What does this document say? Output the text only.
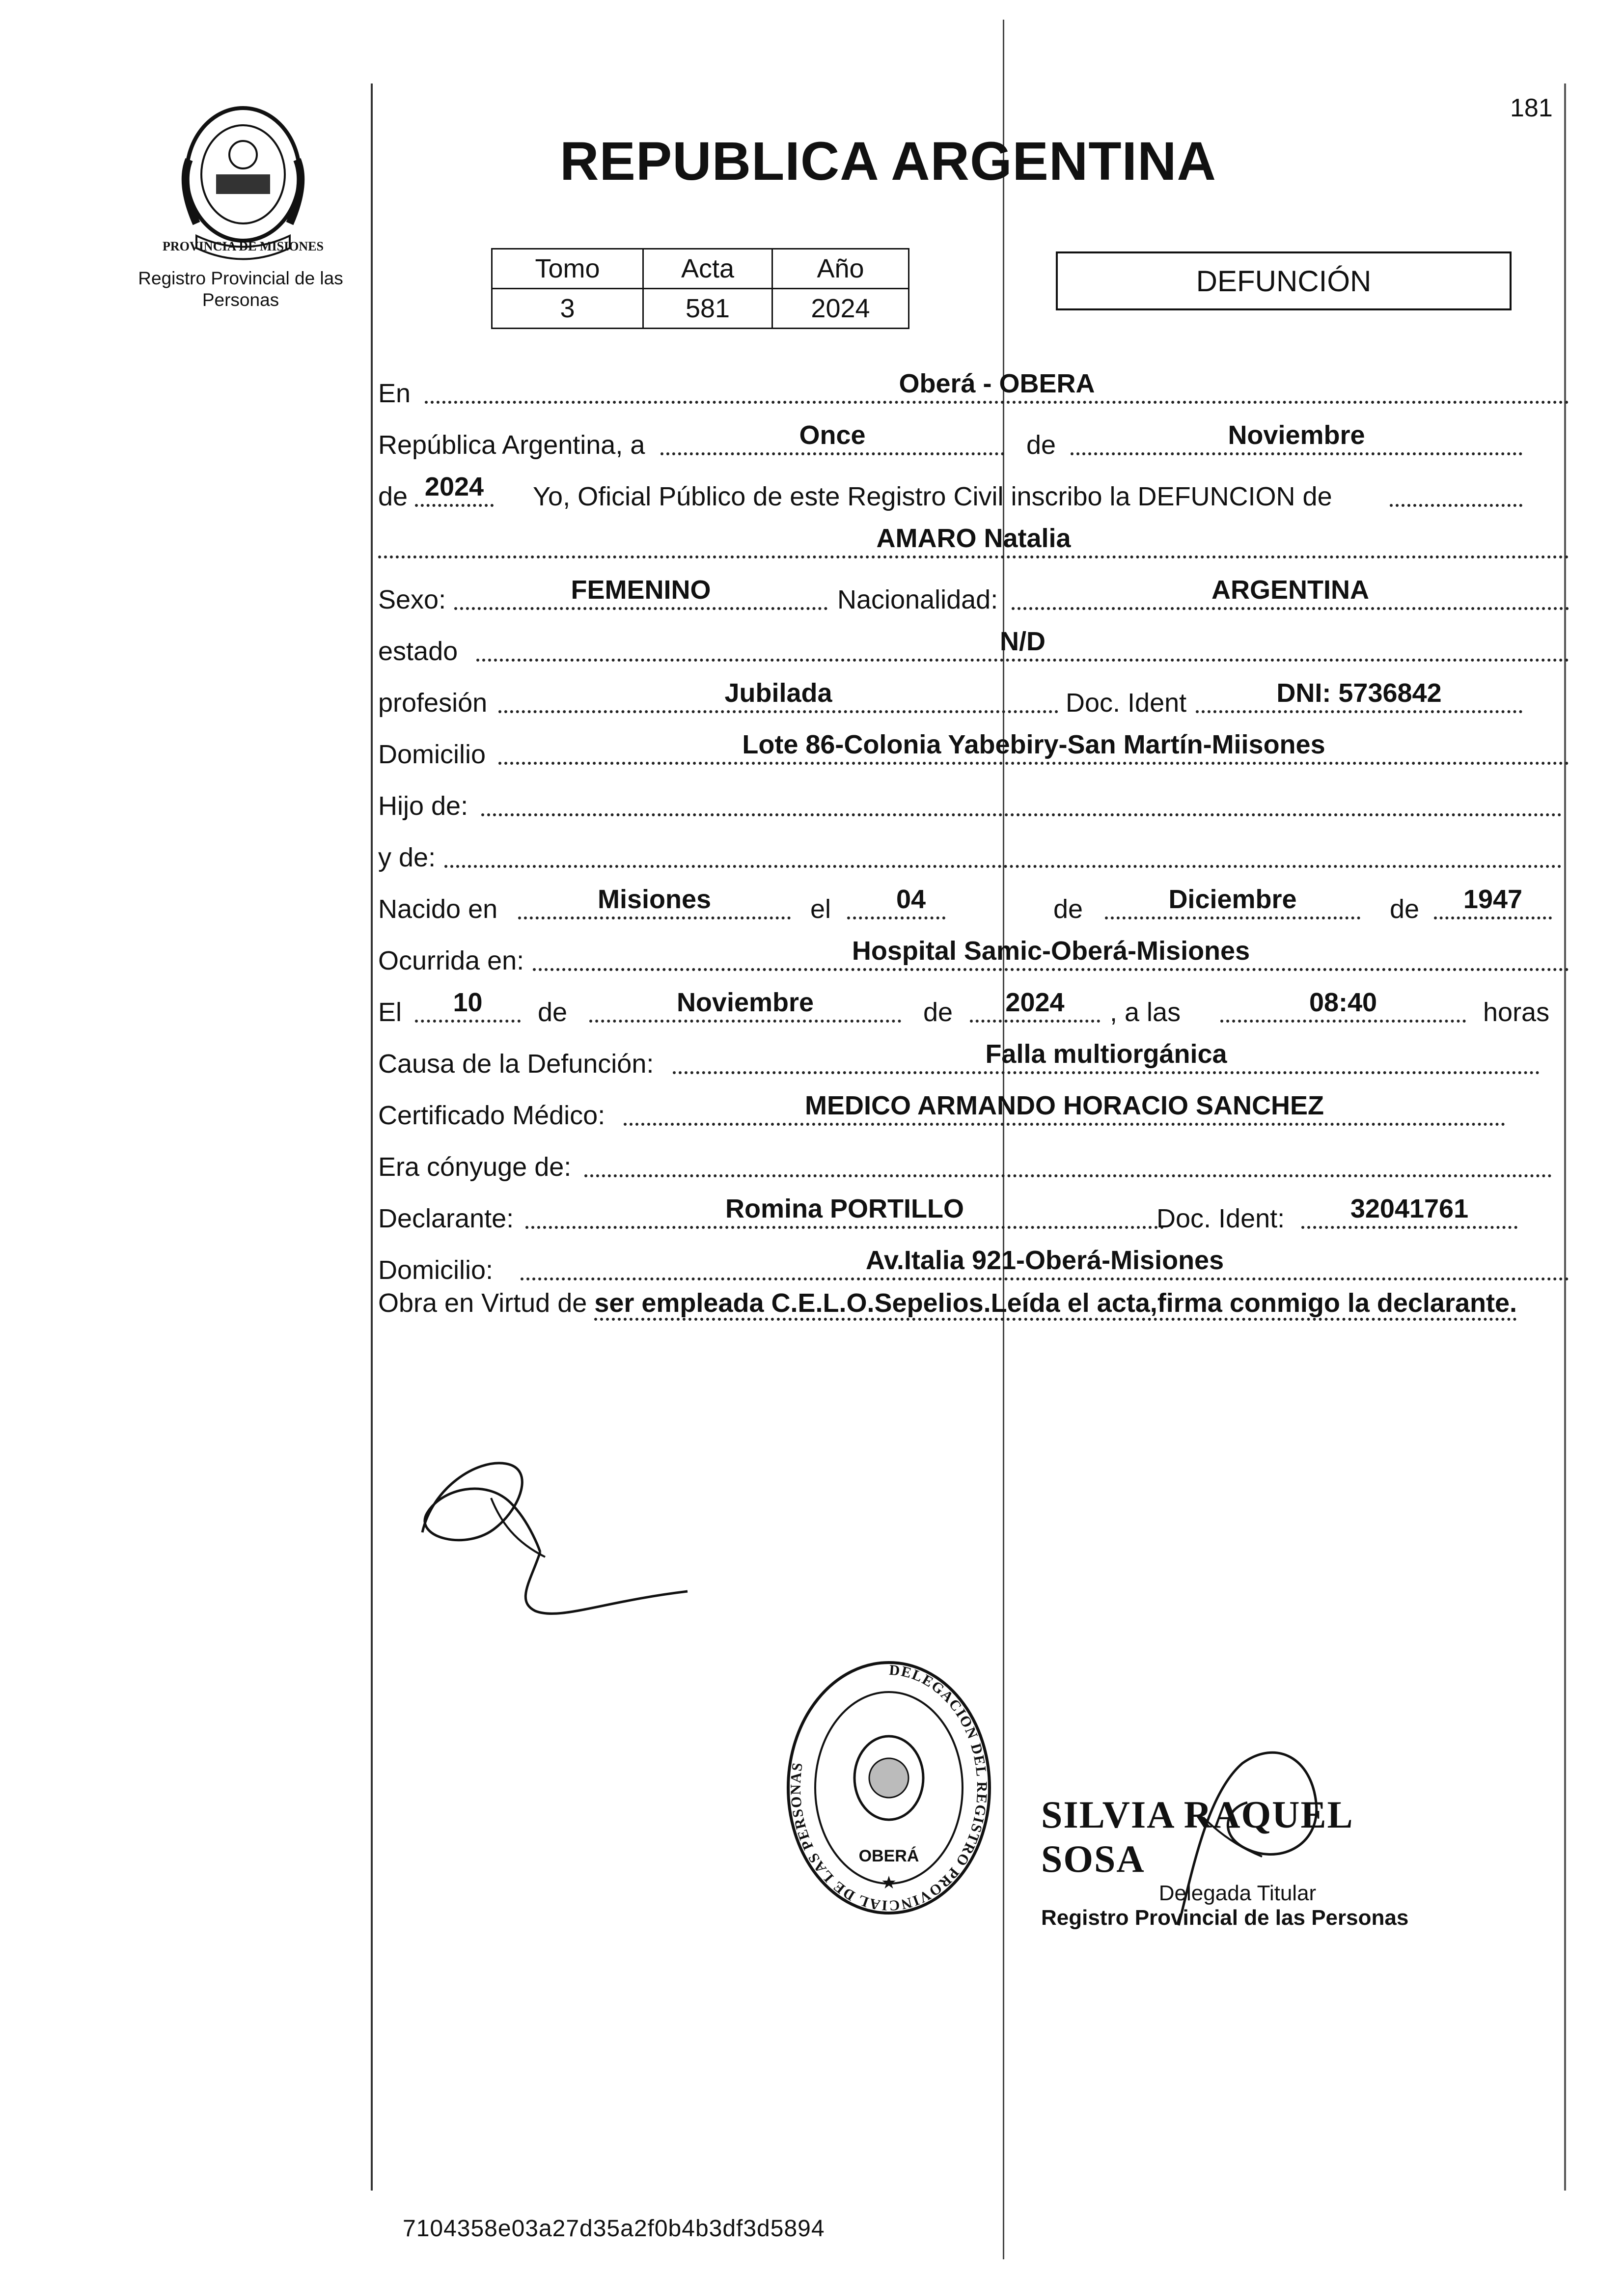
PROVINCIA DE MISIONES
Registro Provincial de las Personas
181
REPUBLICA ARGENTINA
Tomo	Acta	Año
3	581	2024
DEFUNCIÓN
En	Oberá - OBERA
República Argentina, a	Once	de	Noviembre
de 2024	Yo, Oficial Público de este Registro Civil inscribo la DEFUNCION de
AMARO Natalia
Sexo:	FEMENINO	Nacionalidad:	ARGENTINA
estado	N/D
profesión	Jubilada	Doc. Ident	DNI: 5736842
Domicilio	Lote 86-Colonia Yabebiry-San Martín-Miisones
Hijo de:
y de:
Nacido en	Misiones	el	04	de	Diciembre	de	1947
Ocurrida en:	Hospital Samic-Oberá-Misiones
El	10	de	Noviembre	de	2024	, a las	08:40	horas
Causa de la Defunción:	Falla multiorgánica
Certificado Médico:	MEDICO ARMANDO HORACIO SANCHEZ
Era cónyuge de:
Declarante:	Romina PORTILLO	Doc. Ident:	32041761
Domicilio:	Av.Italia 921-Oberá-Misiones
Obra en Virtud de ser empleada C.E.L.O.Sepelios.Leída el acta,firma conmigo la declarante.
DELEGACION DEL REGISTRO PROVINCIAL DE LAS PERSONAS
OBERÁ
★
SILVIA RAQUEL SOSA
Delegada Titular
Registro Provincial de las Personas
7104358e03a27d35a2f0b4b3df3d5894
